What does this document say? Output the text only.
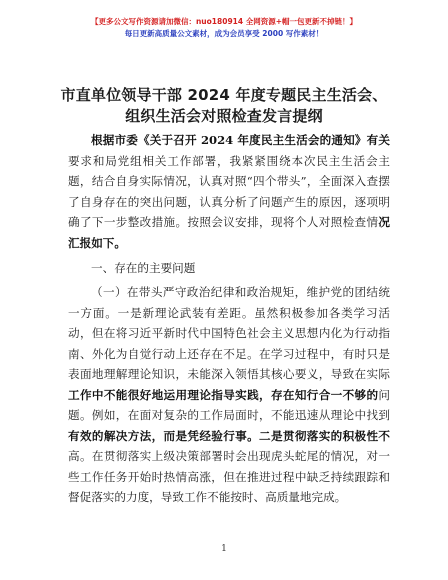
【更多公文写作资源请加微信：nuo180914 全网资源+帽一包更新不掉链！】
每日更新高质量公文素材，成为会员享受 2000 写作素材！
市直单位领导干部 2024 年度专题民主生活会、
组织生活会对照检查发言提纲
根据市委《关于召开 2024 年度民主生活会的通知》有关要求和局党组相关工作部署，我紧紧围绕本次民主生活会主题，结合自身实际情况，认真对照“四个带头”，全面深入查摆了自身存在的突出问题，认真分析了问题产生的原因，逐项明确了下一步整改措施。按照会议安排，现将个人对照检查情况汇报如下。
一、存在的主要问题
（一）在带头严守政治纪律和政治规矩，维护党的团结统一方面。一是新理论武装有差距。虽然积极参加各类学习活动，但在将习近平新时代中国特色社会主义思想内化为行动指南、外化为自觉行动上还存在不足。在学习过程中，有时只是表面地理解理论知识，未能深入领悟其核心要义，导致在实际工作中不能很好地运用理论指导实践，存在知行合一不够的问题。例如，在面对复杂的工作局面时，不能迅速从理论中找到有效的解决方法，而是凭经验行事。二是贯彻落实的积极性不高。在贯彻落实上级决策部署时会出现虎头蛇尾的情况，对一些工作任务开始时热情高涨，但在推进过程中缺乏持续跟踪和督促落实的力度，导致工作不能按时、高质量地完成。
1
